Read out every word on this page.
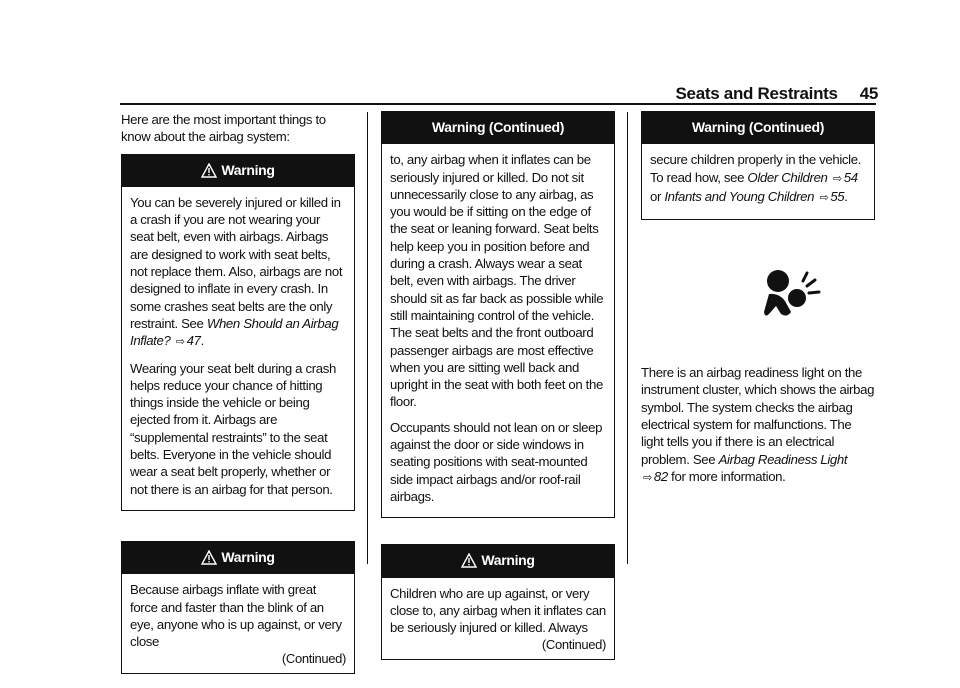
Seats and Restraints 45

Here are the most important things to know about the airbag system:

Warning

You can be severely injured or killed in a crash if you are not wearing your seat belt, even with airbags. Airbags are designed to work with seat belts, not replace them. Also, airbags are not designed to inflate in every crash. In some crashes seat belts are the only restraint. See When Should an Airbag Inflate? ⇨ 47.

Wearing your seat belt during a crash helps reduce your chance of hitting things inside the vehicle or being ejected from it. Airbags are “supplemental restraints” to the seat belts. Everyone in the vehicle should wear a seat belt properly, whether or not there is an airbag for that person.

Warning

Because airbags inflate with great force and faster than the blink of an eye, anyone who is up against, or very close

(Continued)
Warning (Continued)

to, any airbag when it inflates can be seriously injured or killed. Do not sit unnecessarily close to any airbag, as you would be if sitting on the edge of the seat or leaning forward. Seat belts help keep you in position before and during a crash. Always wear a seat belt, even with airbags. The driver should sit as far back as possible while still maintaining control of the vehicle. The seat belts and the front outboard passenger airbags are most effective when you are sitting well back and upright in the seat with both feet on the floor.

Occupants should not lean on or sleep against the door or side windows in seating positions with seat-mounted side impact airbags and/or roof-rail airbags.

Warning

Children who are up against, or very close to, any airbag when it inflates can be seriously injured or killed. Always

(Continued)
Warning (Continued)

secure children properly in the vehicle. To read how, see Older Children ⇨ 54 or Infants and Young Children ⇨ 55.

There is an airbag readiness light on the instrument cluster, which shows the airbag symbol. The system checks the airbag electrical system for malfunctions. The light tells you if there is an electrical problem. See Airbag Readiness Light ⇨ 82 for more information.
